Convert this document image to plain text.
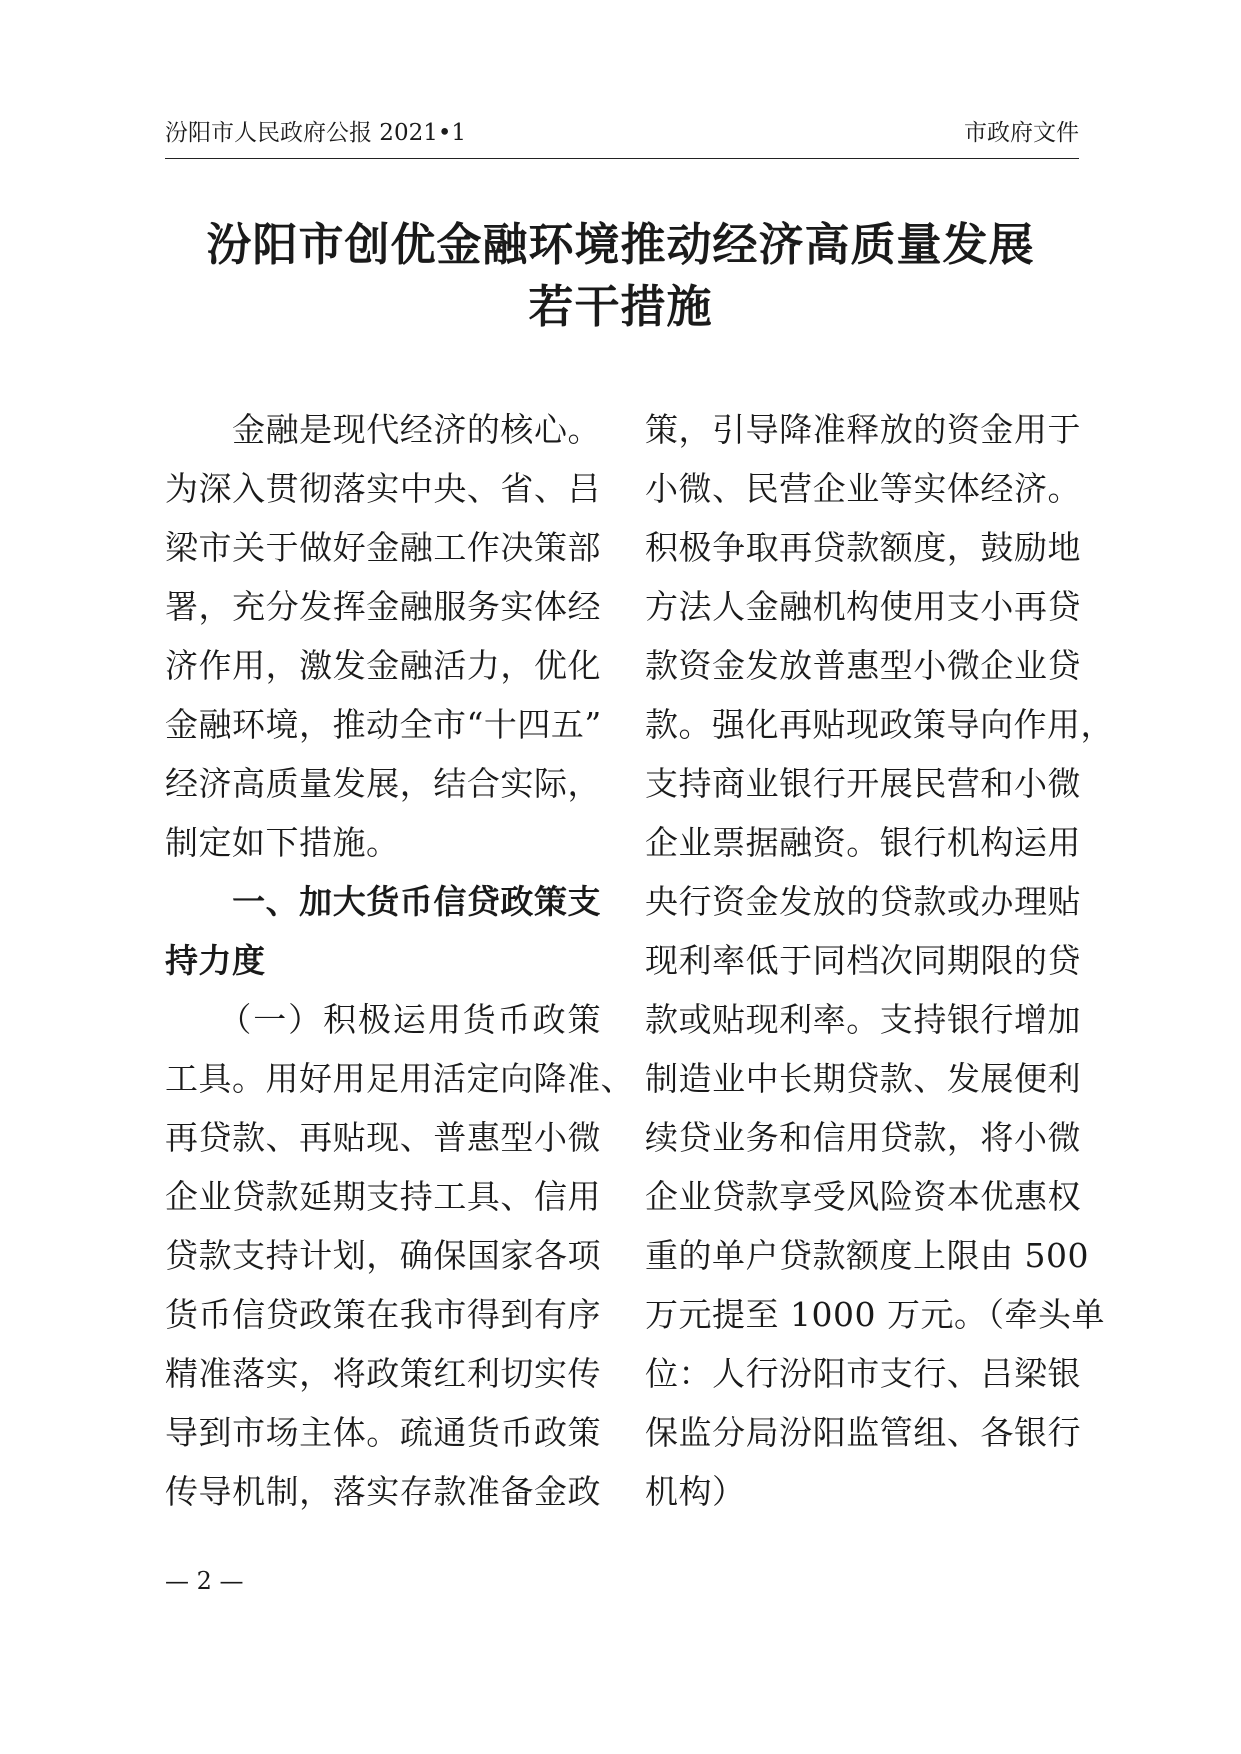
汾阳市人民政府公报 2021•1	市政府文件
汾阳市创优金融环境推动经济高质量发展
若干措施
　　金融是现代经济的核心。
为深入贯彻落实中央、省、吕
梁市关于做好金融工作决策部
署，充分发挥金融服务实体经
济作用，激发金融活力，优化
金融环境，推动全市“十四五”
经济高质量发展，结合实际，
制定如下措施。
　　一、加大货币信贷政策支
持力度
　　（一）积极运用货币政策
工具。用好用足用活定向降准、
再贷款、再贴现、普惠型小微
企业贷款延期支持工具、信用
贷款支持计划，确保国家各项
货币信贷政策在我市得到有序
精准落实，将政策红利切实传
导到市场主体。疏通货币政策
传导机制，落实存款准备金政
策，引导降准释放的资金用于
小微、民营企业等实体经济。
积极争取再贷款额度，鼓励地
方法人金融机构使用支小再贷
款资金发放普惠型小微企业贷
款。强化再贴现政策导向作用，
支持商业银行开展民营和小微
企业票据融资。银行机构运用
央行资金发放的贷款或办理贴
现利率低于同档次同期限的贷
款或贴现利率。支持银行增加
制造业中长期贷款、发展便利
续贷业务和信用贷款，将小微
企业贷款享受风险资本优惠权
重的单户贷款额度上限由 500
万元提至 1000 万元。（牵头单
位：人行汾阳市支行、吕梁银
保监分局汾阳监管组、各银行
机构）
— 2 —
